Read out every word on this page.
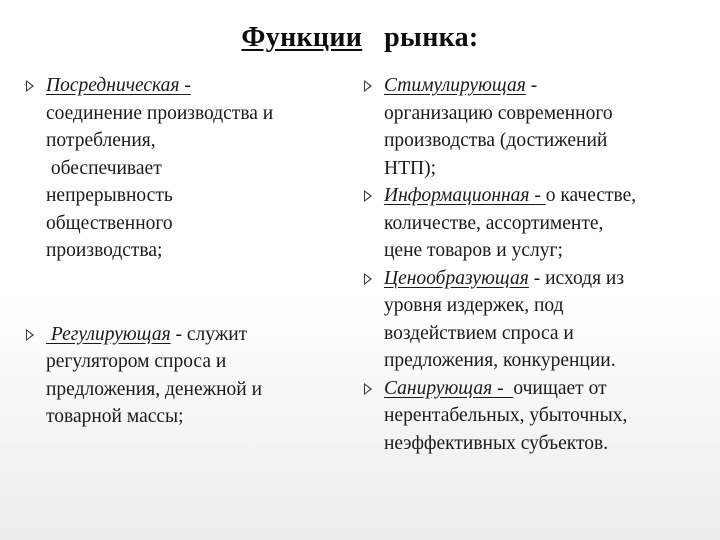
Функции рынка:
Посредническая -
соединение производства и
потребления,
обеспечивает
непрерывность
общественного
производства;
Регулирующая - служит
регулятором спроса и
предложения, денежной и
товарной массы;
Стимулирующая -
организацию современного
производства (достижений
НТП);
Информационная - о качестве,
количестве, ассортименте,
цене товаров и услуг;
Ценообразующая - исходя из
уровня издержек, под
воздействием спроса и
предложения, конкуренции.
Санирующая -  очищает от
нерентабельных, убыточных,
неэффективных субъектов.
